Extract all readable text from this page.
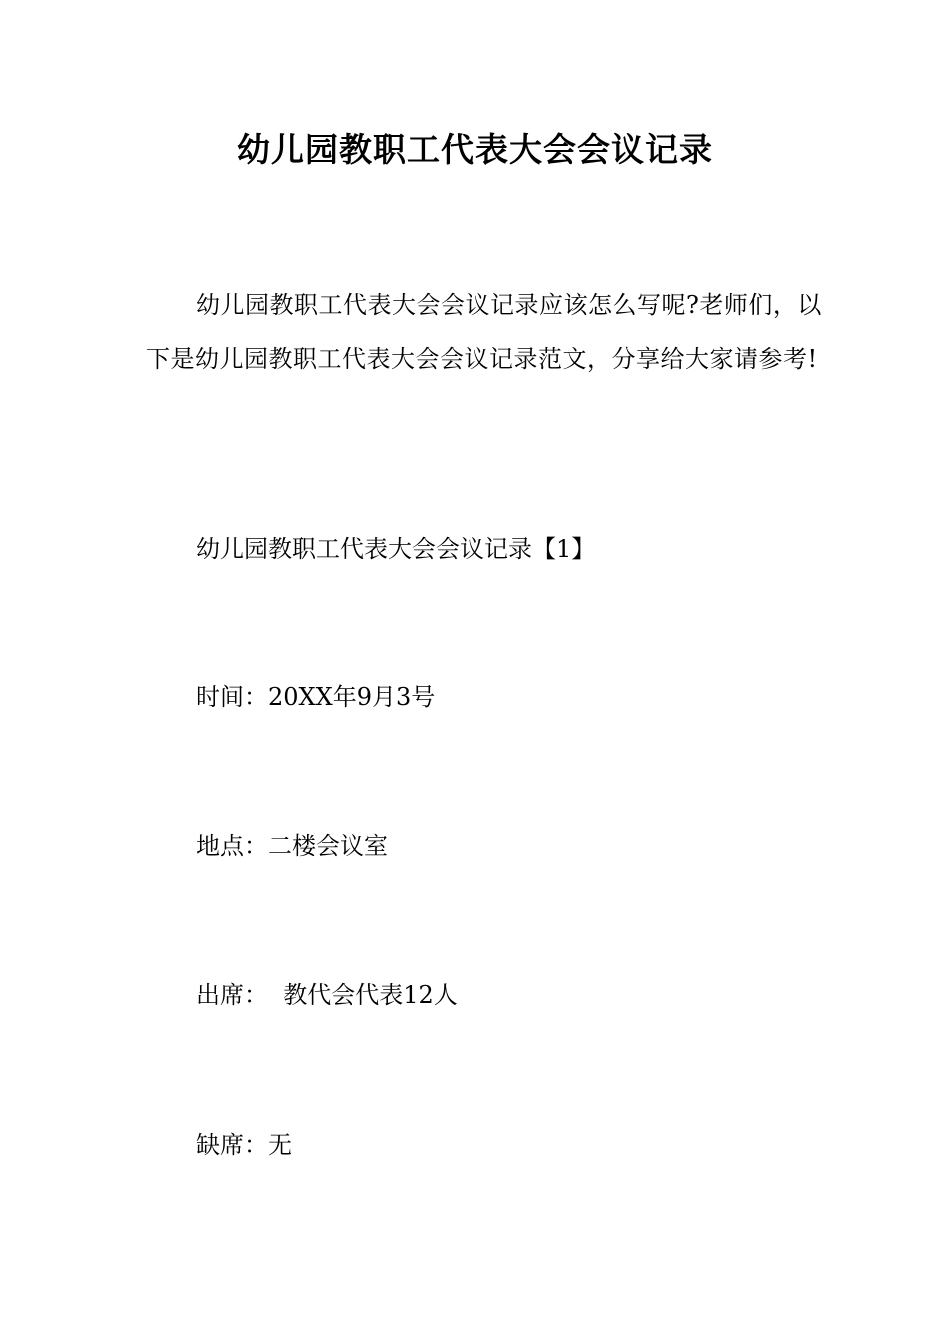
幼儿园教职工代表大会会议记录

幼儿园教职工代表大会会议记录应该怎么写呢?老师们，以下是幼儿园教职工代表大会会议记录范文，分享给大家请参考!

幼儿园教职工代表大会会议记录【1】

时间：20XX年9月3号

地点：二楼会议室

出席：  教代会代表12人

缺席：无
